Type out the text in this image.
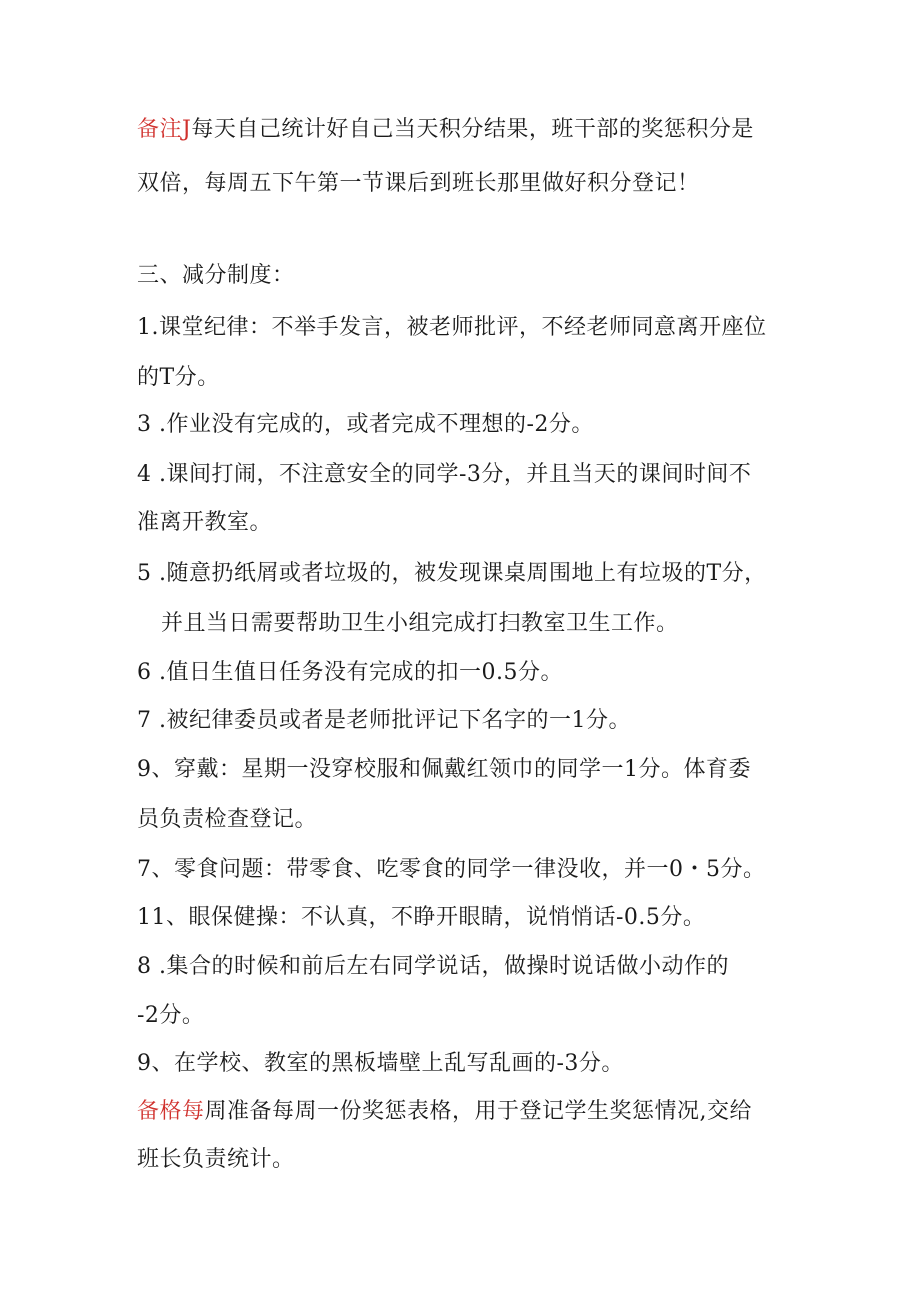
备注J每天自己统计好自己当天积分结果，班干部的奖惩积分是
双倍，每周五下午第一节课后到班长那里做好积分登记！
三、减分制度：
1.课堂纪律：不举手发言，被老师批评，不经老师同意离开座位
的T分。
3 .作业没有完成的，或者完成不理想的-2分。
4 .课间打闹，不注意安全的同学-3分，并且当天的课间时间不
准离开教室。
5 .随意扔纸屑或者垃圾的，被发现课桌周围地上有垃圾的T分，
并且当日需要帮助卫生小组完成打扫教室卫生工作。
6 .值日生值日任务没有完成的扣一0.5分。
7 .被纪律委员或者是老师批评记下名字的一1分。
9、穿戴：星期一没穿校服和佩戴红领巾的同学一1分。体育委
员负责检查登记。
7、零食问题：带零食、吃零食的同学一律没收，并一0・5分。
11、眼保健操：不认真，不睁开眼睛，说悄悄话-0.5分。
8 .集合的时候和前后左右同学说话，做操时说话做小动作的
-2分。
9、在学校、教室的黑板墙壁上乱写乱画的-3分。
备格每周准备每周一份奖惩表格，用于登记学生奖惩情况,交给
班长负责统计。
